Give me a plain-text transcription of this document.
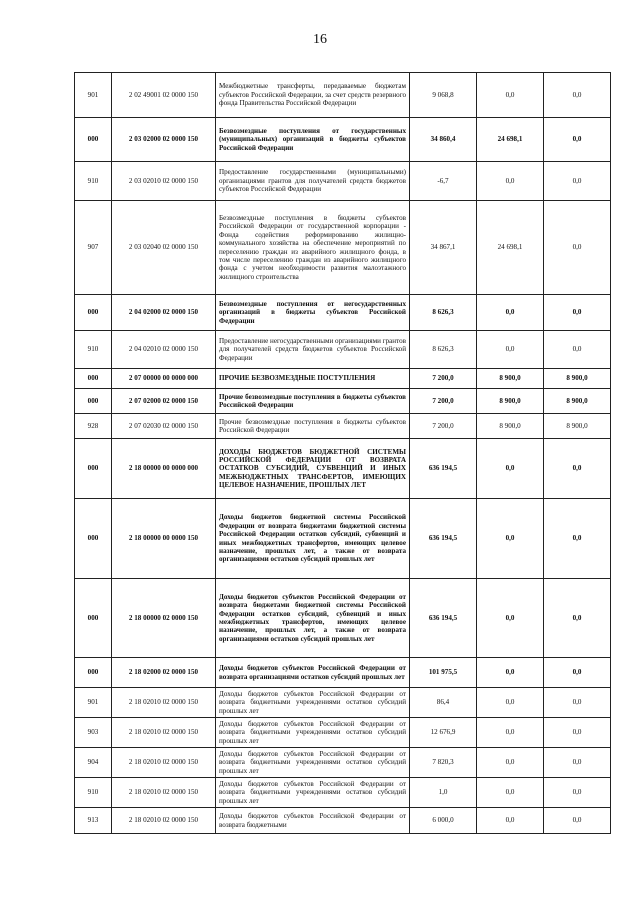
16
901	2 02 49001 02 0000 150	Межбюджетные трансферты, передаваемые бюджетам субъектов Российской Федерации, за счет средств резервного фонда Правительства Российской Федерации	9 068,8	0,0	0,0
000	2 03 02000 02 0000 150	Безвозмездные поступления от государственных (муниципальных) организаций в бюджеты субъектов Российской Федерации	34 860,4	24 698,1	0,0
910	2 03 02010 02 0000 150	Предоставление государственными (муниципальными) организациями грантов для получателей средств бюджетов субъектов Российской Федерации	-6,7	0,0	0,0
907	2 03 02040 02 0000 150	Безвозмездные поступления в бюджеты субъектов Российской Федерации от государственной корпорации - Фонда содействия реформированию жилищно-коммунального хозяйства на обеспечение мероприятий по переселению граждан из аварийного жилищного фонда, в том числе переселению граждан из аварийного жилищного фонда с учетом необходимости развития малоэтажного жилищного строительства	34 867,1	24 698,1	0,0
000	2 04 02000 02 0000 150	Безвозмездные поступления от негосударственных организаций в бюджеты субъектов Российской Федерации	8 626,3	0,0	0,0
910	2 04 02010 02 0000 150	Предоставление негосударственными организациями грантов для получателей средств бюджетов субъектов Российской Федерации	8 626,3	0,0	0,0
000	2 07 00000 00 0000 000	ПРОЧИЕ БЕЗВОЗМЕЗДНЫЕ ПОСТУПЛЕНИЯ	7 200,0	8 900,0	8 900,0
000	2 07 02000 02 0000 150	Прочие безвозмездные поступления в бюджеты субъектов Российской Федерации	7 200,0	8 900,0	8 900,0
928	2 07 02030 02 0000 150	Прочие безвозмездные поступления в бюджеты субъектов Российской Федерации	7 200,0	8 900,0	8 900,0
000	2 18 00000 00 0000 000	ДОХОДЫ БЮДЖЕТОВ БЮДЖЕТНОЙ СИСТЕМЫ РОССИЙСКОЙ ФЕДЕРАЦИИ ОТ ВОЗВРАТА ОСТАТКОВ СУБСИДИЙ, СУБВЕНЦИЙ И ИНЫХ МЕЖБЮДЖЕТНЫХ ТРАНСФЕРТОВ, ИМЕЮЩИХ ЦЕЛЕВОЕ НАЗНАЧЕНИЕ, ПРОШЛЫХ ЛЕТ	636 194,5	0,0	0,0
000	2 18 00000 00 0000 150	Доходы бюджетов бюджетной системы Российской Федерации от возврата бюджетами бюджетной системы Российской Федерации остатков субсидий, субвенций и иных межбюджетных трансфертов, имеющих целевое назначение, прошлых лет, а также от возврата организациями остатков субсидий прошлых лет	636 194,5	0,0	0,0
000	2 18 00000 02 0000 150	Доходы бюджетов субъектов Российской Федерации от возврата бюджетами бюджетной системы Российской Федерации остатков субсидий, субвенций и иных межбюджетных трансфертов, имеющих целевое назначение, прошлых лет, а также от возврата организациями остатков субсидий прошлых лет	636 194,5	0,0	0,0
000	2 18 02000 02 0000 150	Доходы бюджетов субъектов Российской Федерации от возврата организациями остатков субсидий прошлых лет	101 975,5	0,0	0,0
901	2 18 02010 02 0000 150	Доходы бюджетов субъектов Российской Федерации от возврата бюджетными учреждениями остатков субсидий прошлых лет	86,4	0,0	0,0
903	2 18 02010 02 0000 150	Доходы бюджетов субъектов Российской Федерации от возврата бюджетными учреждениями остатков субсидий прошлых лет	12 676,9	0,0	0,0
904	2 18 02010 02 0000 150	Доходы бюджетов субъектов Российской Федерации от возврата бюджетными учреждениями остатков субсидий прошлых лет	7 820,3	0,0	0,0
910	2 18 02010 02 0000 150	Доходы бюджетов субъектов Российской Федерации от возврата бюджетными учреждениями остатков субсидий прошлых лет	1,0	0,0	0,0
913	2 18 02010 02 0000 150	Доходы бюджетов субъектов Российской Федерации от возврата бюджетными	6 000,0	0,0	0,0
